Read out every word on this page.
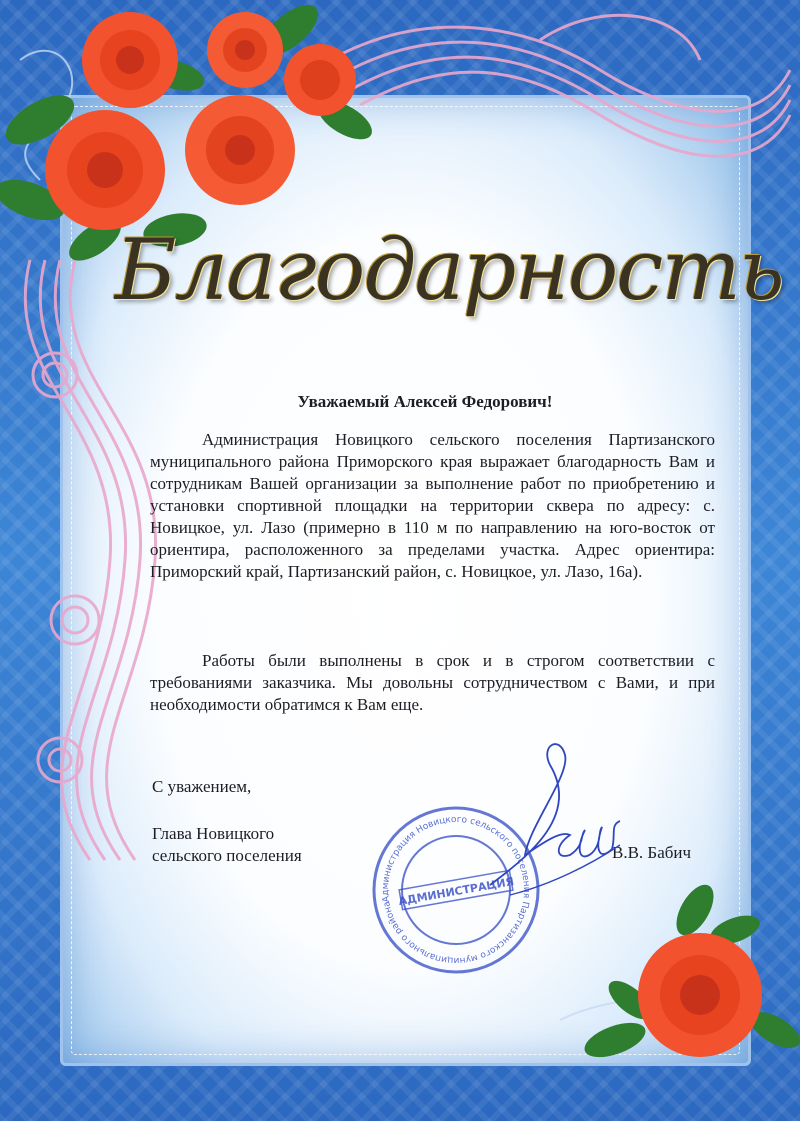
Благодарность
Уважаемый Алексей Федорович!
Администрация Новицкого сельского поселения Партизанского муниципального района Приморского края выражает благодарность Вам и сотрудникам Вашей организации за выполнение работ по приобретению и установки спортивной площадки на территории сквера по адресу: с. Новицкое, ул. Лазо (примерно в 110 м по направлению на юго-восток от ориентира, расположенного за пределами участка. Адрес ориентира: Приморский край, Партизанский район, с. Новицкое, ул. Лазо, 16а).
Работы были выполнены в срок и в строгом соответствии с требованиями заказчика. Мы довольны сотрудничеством с Вами, и при необходимости обратимся к Вам еще.
С уважением,
Глава Новицкого
сельского поселения	В.В. Бабич
Администрация Новицкого сельского поселения Партизанского муниципального района АДМИНИСТРАЦИЯ
